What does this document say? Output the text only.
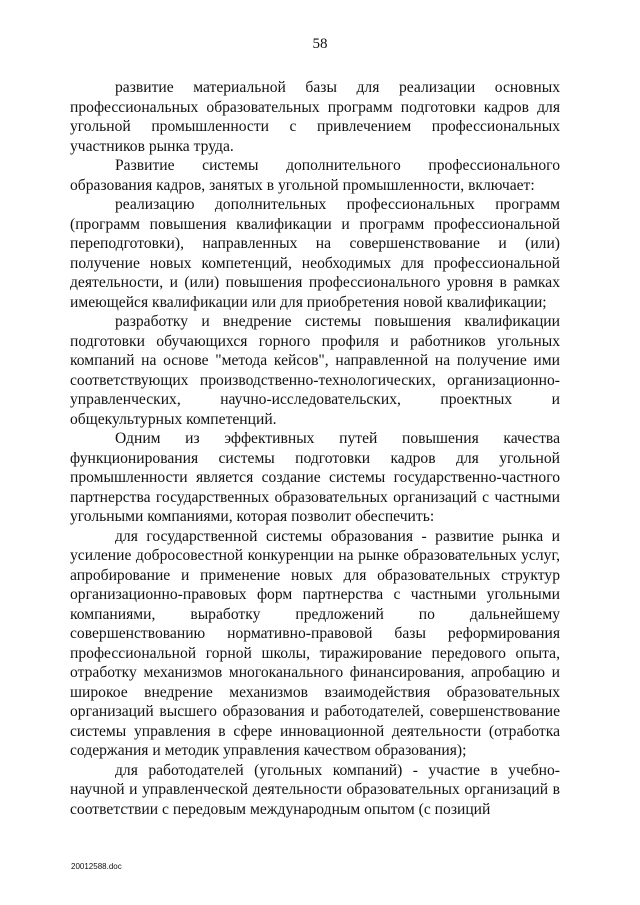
58

развитие материальной базы для реализации основных профессиональных образовательных программ подготовки кадров для угольной промышленности с привлечением профессиональных участников рынка труда.

Развитие системы дополнительного профессионального образования кадров, занятых в угольной промышленности, включает:

реализацию дополнительных профессиональных программ (программ повышения квалификации и программ профессиональной переподготовки), направленных на совершенствование и (или) получение новых компетенций, необходимых для профессиональной деятельности, и (или) повышения профессионального уровня в рамках имеющейся квалификации или для приобретения новой квалификации;

разработку и внедрение системы повышения квалификации подготовки обучающихся горного профиля и работников угольных компаний на основе "метода кейсов", направленной на получение ими соответствующих производственно-технологических, организационно-управленческих, научно-исследовательских, проектных и общекультурных компетенций.

Одним из эффективных путей повышения качества функционирования системы подготовки кадров для угольной промышленности является создание системы государственно-частного партнерства государственных образовательных организаций с частными угольными компаниями, которая позволит обеспечить:

для государственной системы образования - развитие рынка и усиление добросовестной конкуренции на рынке образовательных услуг, апробирование и применение новых для образовательных структур организационно-правовых форм партнерства с частными угольными компаниями, выработку предложений по дальнейшему совершенствованию нормативно-правовой базы реформирования профессиональной горной школы, тиражирование передового опыта, отработку механизмов многоканального финансирования, апробацию и широкое внедрение механизмов взаимодействия образовательных организаций высшего образования и работодателей, совершенствование системы управления в сфере инновационной деятельности (отработка содержания и методик управления качеством образования);

для работодателей (угольных компаний) - участие в учебно-научной и управленческой деятельности образовательных организаций в соответствии с передовым международным опытом (с позиций

20012588.doc
